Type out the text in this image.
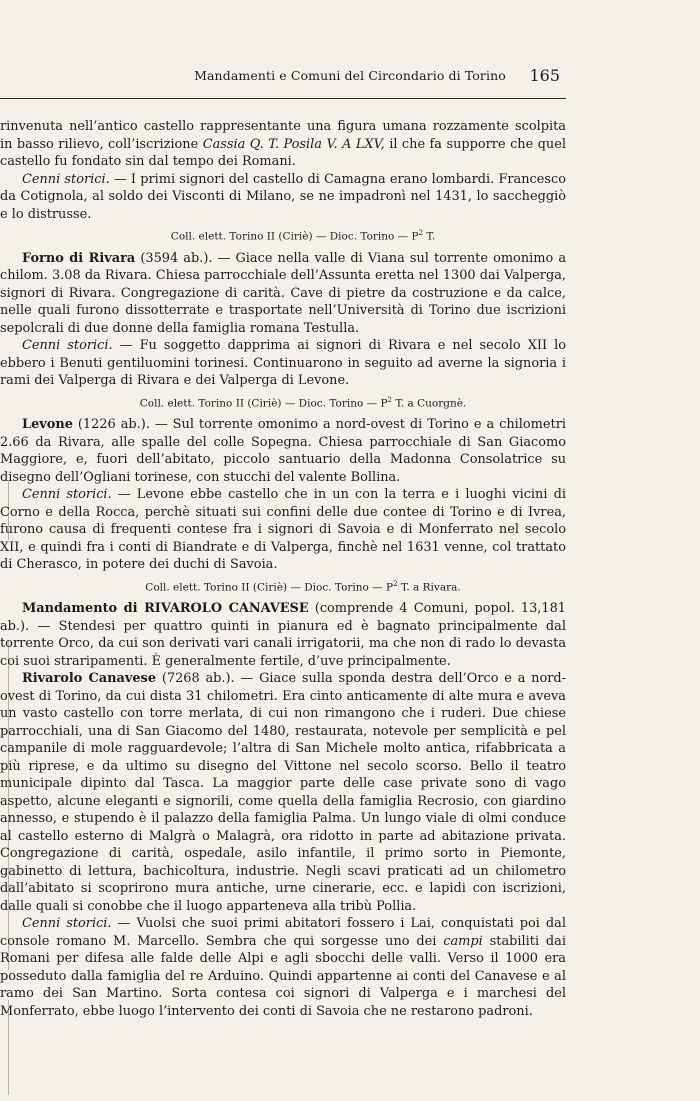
Mandamenti e Comuni del Circondario di Torino	165

rinvenuta nell’antico castello rappresentante una figura umana rozzamente scolpita in basso rilievo, coll’iscrizione Cassia Q. T. Posila V. A LXV, il che fa supporre che quel castello fu fondato sin dal tempo dei Romani.

Cenni storici. — I primi signori del castello di Camagna erano lombardi. Francesco da Cotignola, al soldo dei Visconti di Milano, se ne impadronì nel 1431, lo saccheggiò e lo distrusse.

Coll. elett. Torino II (Ciriè) — Dioc. Torino — $P^2$ T.

Forno di Rivara (3594 ab.). — Giace nella valle di Viana sul torrente omonimo a chilom. 3.08 da Rivara. Chiesa parrocchiale dell’Assunta eretta nel 1300 dai Valperga, signori di Rivara. Congregazione di carità. Cave di pietre da costruzione e da calce, nelle quali furono dissotterrate e trasportate nell’Università di Torino due iscrizioni sepolcrali di due donne della famiglia romana Testulla.

Cenni storici. — Fu soggetto dapprima ai signori di Rivara e nel secolo XII lo ebbero i Benuti gentiluomini torinesi. Continuarono in seguito ad averne la signoria i rami dei Valperga di Rivara e dei Valperga di Levone.

Coll. elett. Torino II (Ciriè) — Dioc. Torino — $P^2$ T. a Cuorgnè.

Levone (1226 ab.). — Sul torrente omonimo a nord-ovest di Torino e a chilometri 2.66 da Rivara, alle spalle del colle Sopegna. Chiesa parrocchiale di San Giacomo Maggiore, e, fuori dell’abitato, piccolo santuario della Madonna Consolatrice su disegno dell’Ogliani torinese, con stucchi del valente Bollina.

Cenni storici. — Levone ebbe castello che in un con la terra e i luoghi vicini di Corno e della Rocca, perchè situati sui confini delle due contee di Torino e di Ivrea, furono causa di frequenti contese fra i signori di Savoia e di Monferrato nel secolo XII, e quindi fra i conti di Biandrate e di Valperga, finchè nel 1631 venne, col trattato di Cherasco, in potere dei duchi di Savoia.

Coll. elett. Torino II (Ciriè) — Dioc. Torino — $P^2$ T. a Rivara.

Mandamento di RIVAROLO CANAVESE (comprende 4 Comuni, popol. 13,181 ab.). — Stendesi per quattro quinti in pianura ed è bagnato principalmente dal torrente Orco, da cui son derivati vari canali irrigatorii, ma che non di rado lo devasta coi suoi straripamenti. È generalmente fertile, d’uve principalmente.

Rivarolo Canavese (7268 ab.). — Giace sulla sponda destra dell’Orco e a nord-ovest di Torino, da cui dista 31 chilometri. Era cinto anticamente di alte mura e aveva un vasto castello con torre merlata, di cui non rimangono che i ruderi. Due chiese parrocchiali, una di San Giacomo del 1480, restaurata, notevole per semplicità e pel campanile di mole ragguardevole; l’altra di San Michele molto antica, rifabbricata a più riprese, e da ultimo su disegno del Vittone nel secolo scorso. Bello il teatro municipale dipinto dal Tasca. La maggior parte delle case private sono di vago aspetto, alcune eleganti e signorili, come quella della famiglia Recrosio, con giardino annesso, e stupendo è il palazzo della famiglia Palma. Un lungo viale di olmi conduce al castello esterno di Malgrà o Malagrà, ora ridotto in parte ad abitazione privata. Congregazione di carità, ospedale, asilo infantile, il primo sorto in Piemonte, gabinetto di lettura, bachicoltura, industrie. Negli scavi praticati ad un chilometro dall’abitato si scoprirono mura antiche, urne cinerarie, ecc. e lapidi con iscrizioni, dalle quali si conobbe che il luogo apparteneva alla tribù Pollia.

Cenni storici. — Vuolsi che suoi primi abitatori fossero i Lai, conquistati poi dal console romano M. Marcello. Sembra che qui sorgesse uno dei campi stabiliti dai Romani per difesa alle falde delle Alpi e agli sbocchi delle valli. Verso il 1000 era posseduto dalla famiglia del re Arduino. Quindi appartenne ai conti del Canavese e al ramo dei San Martino. Sorta contesa coi signori di Valperga e i marchesi del Monferrato, ebbe luogo l’intervento dei conti di Savoia che ne restarono padroni.
